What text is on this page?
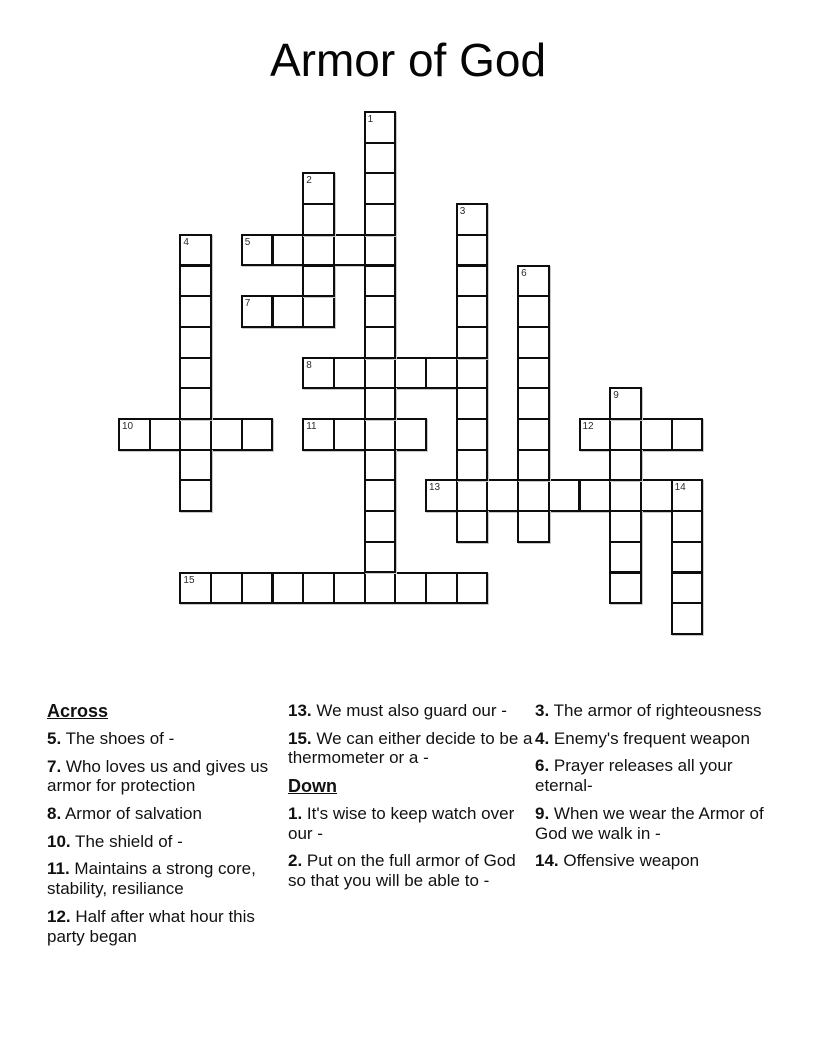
Armor of God
5
7
8
10	11	12
13	14
15
1
2
3
4
6
9
Across
5. The shoes of -
7. Who loves us and gives us armor for protection
8. Armor of salvation
10. The shield of -
11. Maintains a strong core, stability, resiliance
12. Half after what hour this party began
13. We must also guard our -
15. We can either decide to be a thermometer or a -
Down
1. It's wise to keep watch over our -
2. Put on the full armor of God so that you will be able to -
3. The armor of righteousness
4. Enemy's frequent weapon
6. Prayer releases all your eternal-
9. When we wear the Armor of God we walk in -
14. Offensive weapon
